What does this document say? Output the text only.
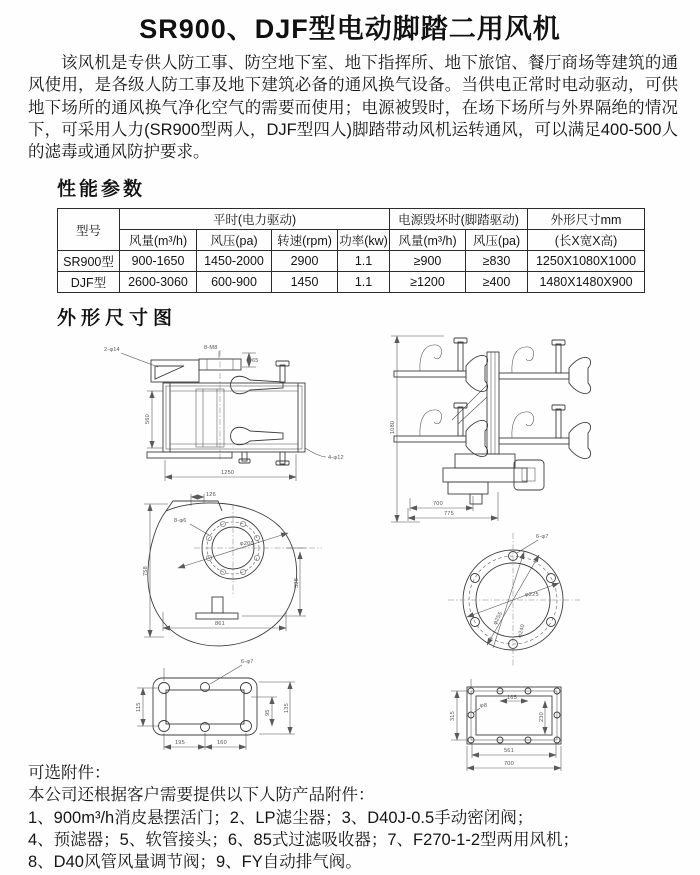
SR900、DJF型电动脚踏二用风机

该风机是专供人防工事、防空地下室、地下指挥所、地下旅馆、餐厅商场等建筑的通风使用，是各级人防工事及地下建筑必备的通风换气设备。当供电正常时电动驱动，可供地下场所的通风换气净化空气的需要而使用；电源被毁时，在场下场所与外界隔绝的情况下，可采用人力(SR900型两人，DJF型四人)脚踏带动风机运转通风，可以满足400-500人的滤毒或通风防护要求。

性能参数
型号	平时(电力驱动)				电源毁坏时(脚踏驱动)		外形尺寸mm
	风量(m³/h)	风压(pa)	转速(rpm)	功率(kw)	风量(m³/h)	风压(pa)	(长X宽X高)
SR900型	900-1650	1450-2000	2900	1.1	≥900	≥830	1250X1080X1000
DJF型	2600-3060	600-900	1450	1.1	≥1200	≥400	1480X1480X900
外形尺寸图
2-φ14	8-M8
65
4-φ12
560
1250
1080
700
775
φ200
8-φ6
126
758
861
338
φ225
φ255
φ240
6-φ7
6-φ7
115
95 135
195	160
φ8
165
230
315
561
700
可选附件：
本公司还根据客户需要提供以下人防产品附件：
1、900m³/h消皮悬摆活门；2、LP滤尘器；3、D40J-0.5手动密闭阀；
4、预滤器；5、软管接头；6、85式过滤吸收器；7、F270-1-2型两用风机；
8、D40风管风量调节阀；9、FY自动排气阀。
